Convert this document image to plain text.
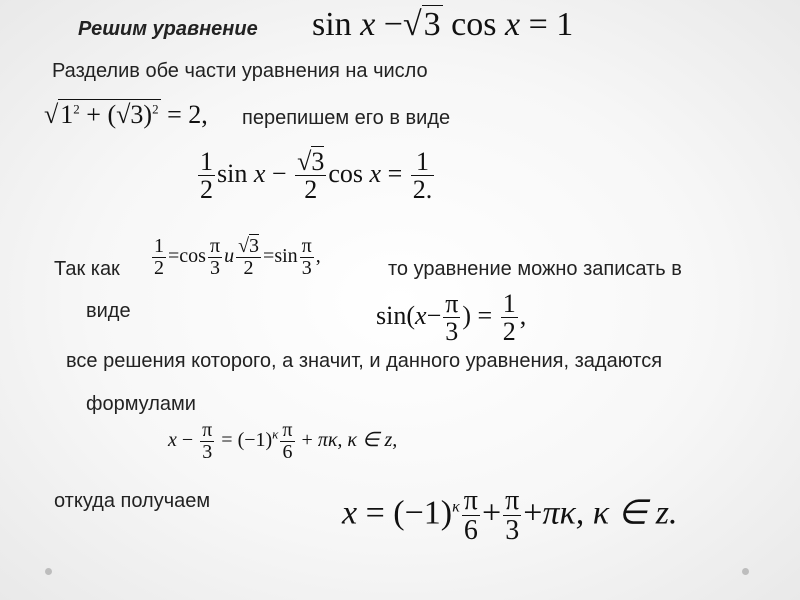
Решим уравнение sin x −√3 cos x = 1
Разделив обе части уравнения на число
$√1^2 + (√3)^2 = 2$, перепишем его в виде
$\frac{1}{2}$ $\sin x - \frac{√3}{2}$ $\cos x = \frac{1}{2.}$
Так как $\frac{1}{2} =\cos \frac{\pi}{3}$ и $\frac{√3}{2} =\sin \frac{\pi}{3}$ ,
то уравнение можно записать в
виде	$\sin(x- \frac{\pi}{3}$ ) = $\frac{1}{2}$ ,
все решения которого, а значит, и данного уравнения, задаются
формулами
$x - \frac{\pi}{3} = (-1)^\kappa \frac{\pi}{6} + \pi\kappa$, κ ∈ z,
откуда получаем	$x = (-1)^\kappa \frac{\pi}{6} + \frac{\pi}{3} +\pi\kappa$, κ ∈ z.
